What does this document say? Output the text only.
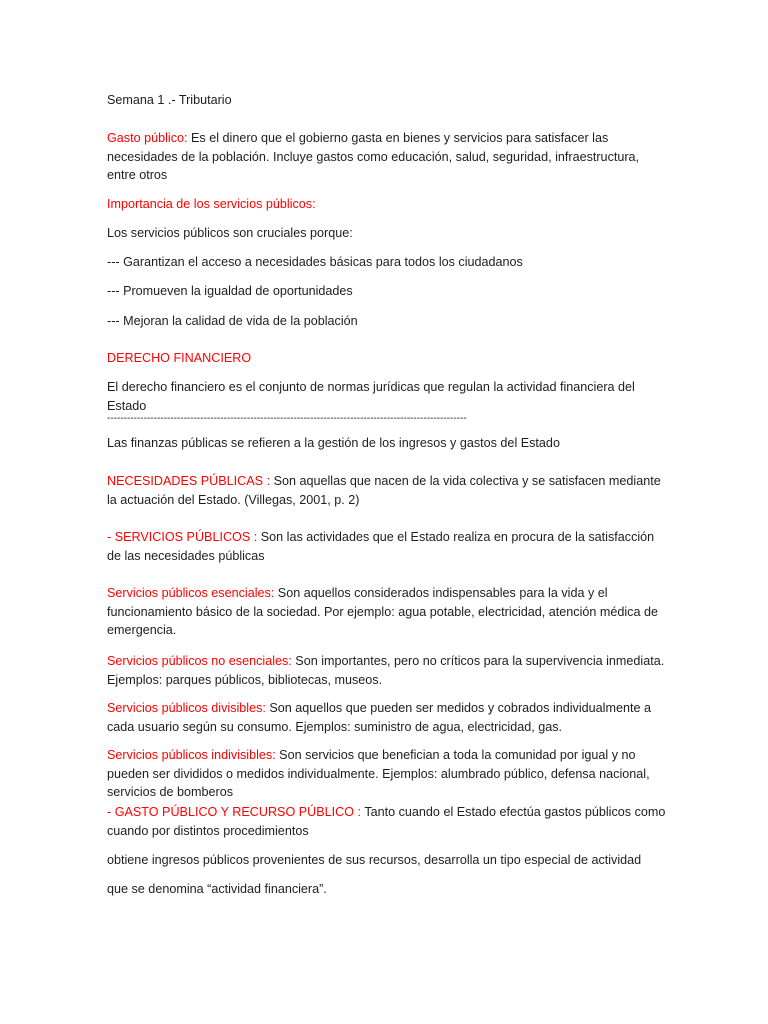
Semana 1 .- Tributario

Gasto público: Es el dinero que el gobierno gasta en bienes y servicios para satisfacer las necesidades de la población. Incluye gastos como educación, salud, seguridad, infraestructura, entre otros

Importancia de los servicios públicos:

Los servicios públicos son cruciales porque:

--- Garantizan el acceso a necesidades básicas para todos los ciudadanos

--- Promueven la igualdad de oportunidades

--- Mejoran la calidad de vida de la población

DERECHO FINANCIERO

El derecho financiero es el conjunto de normas jurídicas que regulan la actividad financiera del Estado

------------------------------------------------------------------------------------------------------------

Las finanzas públicas se refieren a la gestión de los ingresos y gastos del Estado

NECESIDADES PÚBLICAS : Son aquellas que nacen de la vida colectiva y se satisfacen mediante la actuación del Estado. (Villegas, 2001, p. 2)

- SERVICIOS PÚBLICOS : Son las actividades que el Estado realiza en procura de la satisfacción de las necesidades públicas

Servicios públicos esenciales: Son aquellos considerados indispensables para la vida y el funcionamiento básico de la sociedad. Por ejemplo: agua potable, electricidad, atención médica de emergencia.

Servicios públicos no esenciales: Son importantes, pero no críticos para la supervivencia inmediata. Ejemplos: parques públicos, bibliotecas, museos.

Servicios públicos divisibles: Son aquellos que pueden ser medidos y cobrados individualmente a cada usuario según su consumo. Ejemplos: suministro de agua, electricidad, gas.

Servicios públicos indivisibles: Son servicios que benefician a toda la comunidad por igual y no pueden ser divididos o medidos individualmente. Ejemplos: alumbrado público, defensa nacional, servicios de bomberos

- GASTO PÚBLICO Y RECURSO PÚBLICO : Tanto cuando el Estado efectúa gastos públicos como cuando por distintos procedimientos

obtiene ingresos públicos provenientes de sus recursos, desarrolla un tipo especial de actividad

que se denomina “actividad financiera”.
